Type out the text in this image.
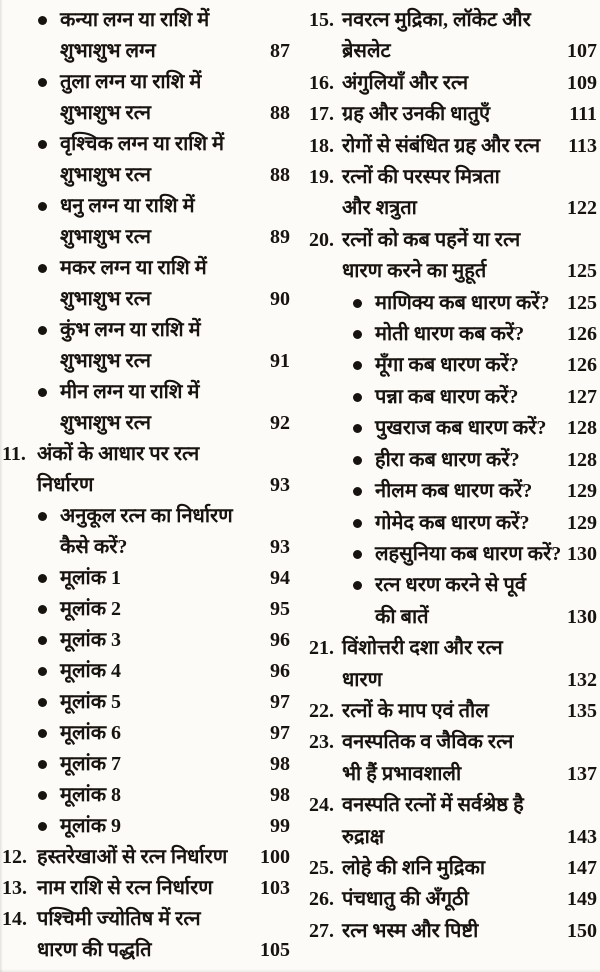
कन्या लग्न या राशि में
शुभाशुभ लग्न	87
तुला लग्न या राशि में
शुभाशुभ रत्न	88
वृश्चिक लग्न या राशि में
शुभाशुभ रत्न	88
धनु लग्न या राशि में
शुभाशुभ रत्न	89
मकर लग्न या राशि में
शुभाशुभ रत्न	90
कुंभ लग्न या राशि में
शुभाशुभ रत्न	91
मीन लग्न या राशि में
शुभाशुभ रत्न	92
11. अंकों के आधार पर रत्न
निर्धारण	93
अनुकूल रत्न का निर्धारण
कैसे करें?	93
मूलांक 1	94
मूलांक 2	95
मूलांक 3	96
मूलांक 4	96
मूलांक 5	97
मूलांक 6	97
मूलांक 7	98
मूलांक 8	98
मूलांक 9	99
12. हस्तरेखाओं से रत्न निर्धारण 100
13. नाम राशि से रत्न निर्धारण 103
14. पश्चिमी ज्योतिष में रत्न
धारण की पद्धति	105
15. नवरत्न मुद्रिका, लॉकेट और
ब्रेसलेट	107
16. अंगुलियाँ और रत्न	109
17. ग्रह और उनकी धातुएँ	111
18. रोगों से संबंधित ग्रह और रत्न 113
19. रत्नों की परस्पर मित्रता
और शत्रुता	122
20. रत्नों को कब पहनें या रत्न
धारण करने का मुहूर्त	125
माणिक्य कब धारण करें? 125
मोती धारण कब करें? 126
मूँगा कब धारण करें? 126
पन्ना कब धारण करें? 127
पुखराज कब धारण करें? 128
हीरा कब धारण करें? 128
नीलम कब धारण करें? 129
गोमेद कब धारण करें? 129
लहसुनिया कब धारण करें? 130
रत्न धरण करने से पूर्व
की बातें	130
21. विंशोत्तरी दशा और रत्न
धारण	132
22. रत्नों के माप एवं तौल	135
23. वनस्पतिक व जैविक रत्न
भी हैं प्रभावशाली	137
24. वनस्पति रत्नों में सर्वश्रेष्ठ है
रुद्राक्ष	143
25. लोहे की शनि मुद्रिका	147
26. पंचधातु की अँगूठी	149
27. रत्न भस्म और पिष्टी	150
